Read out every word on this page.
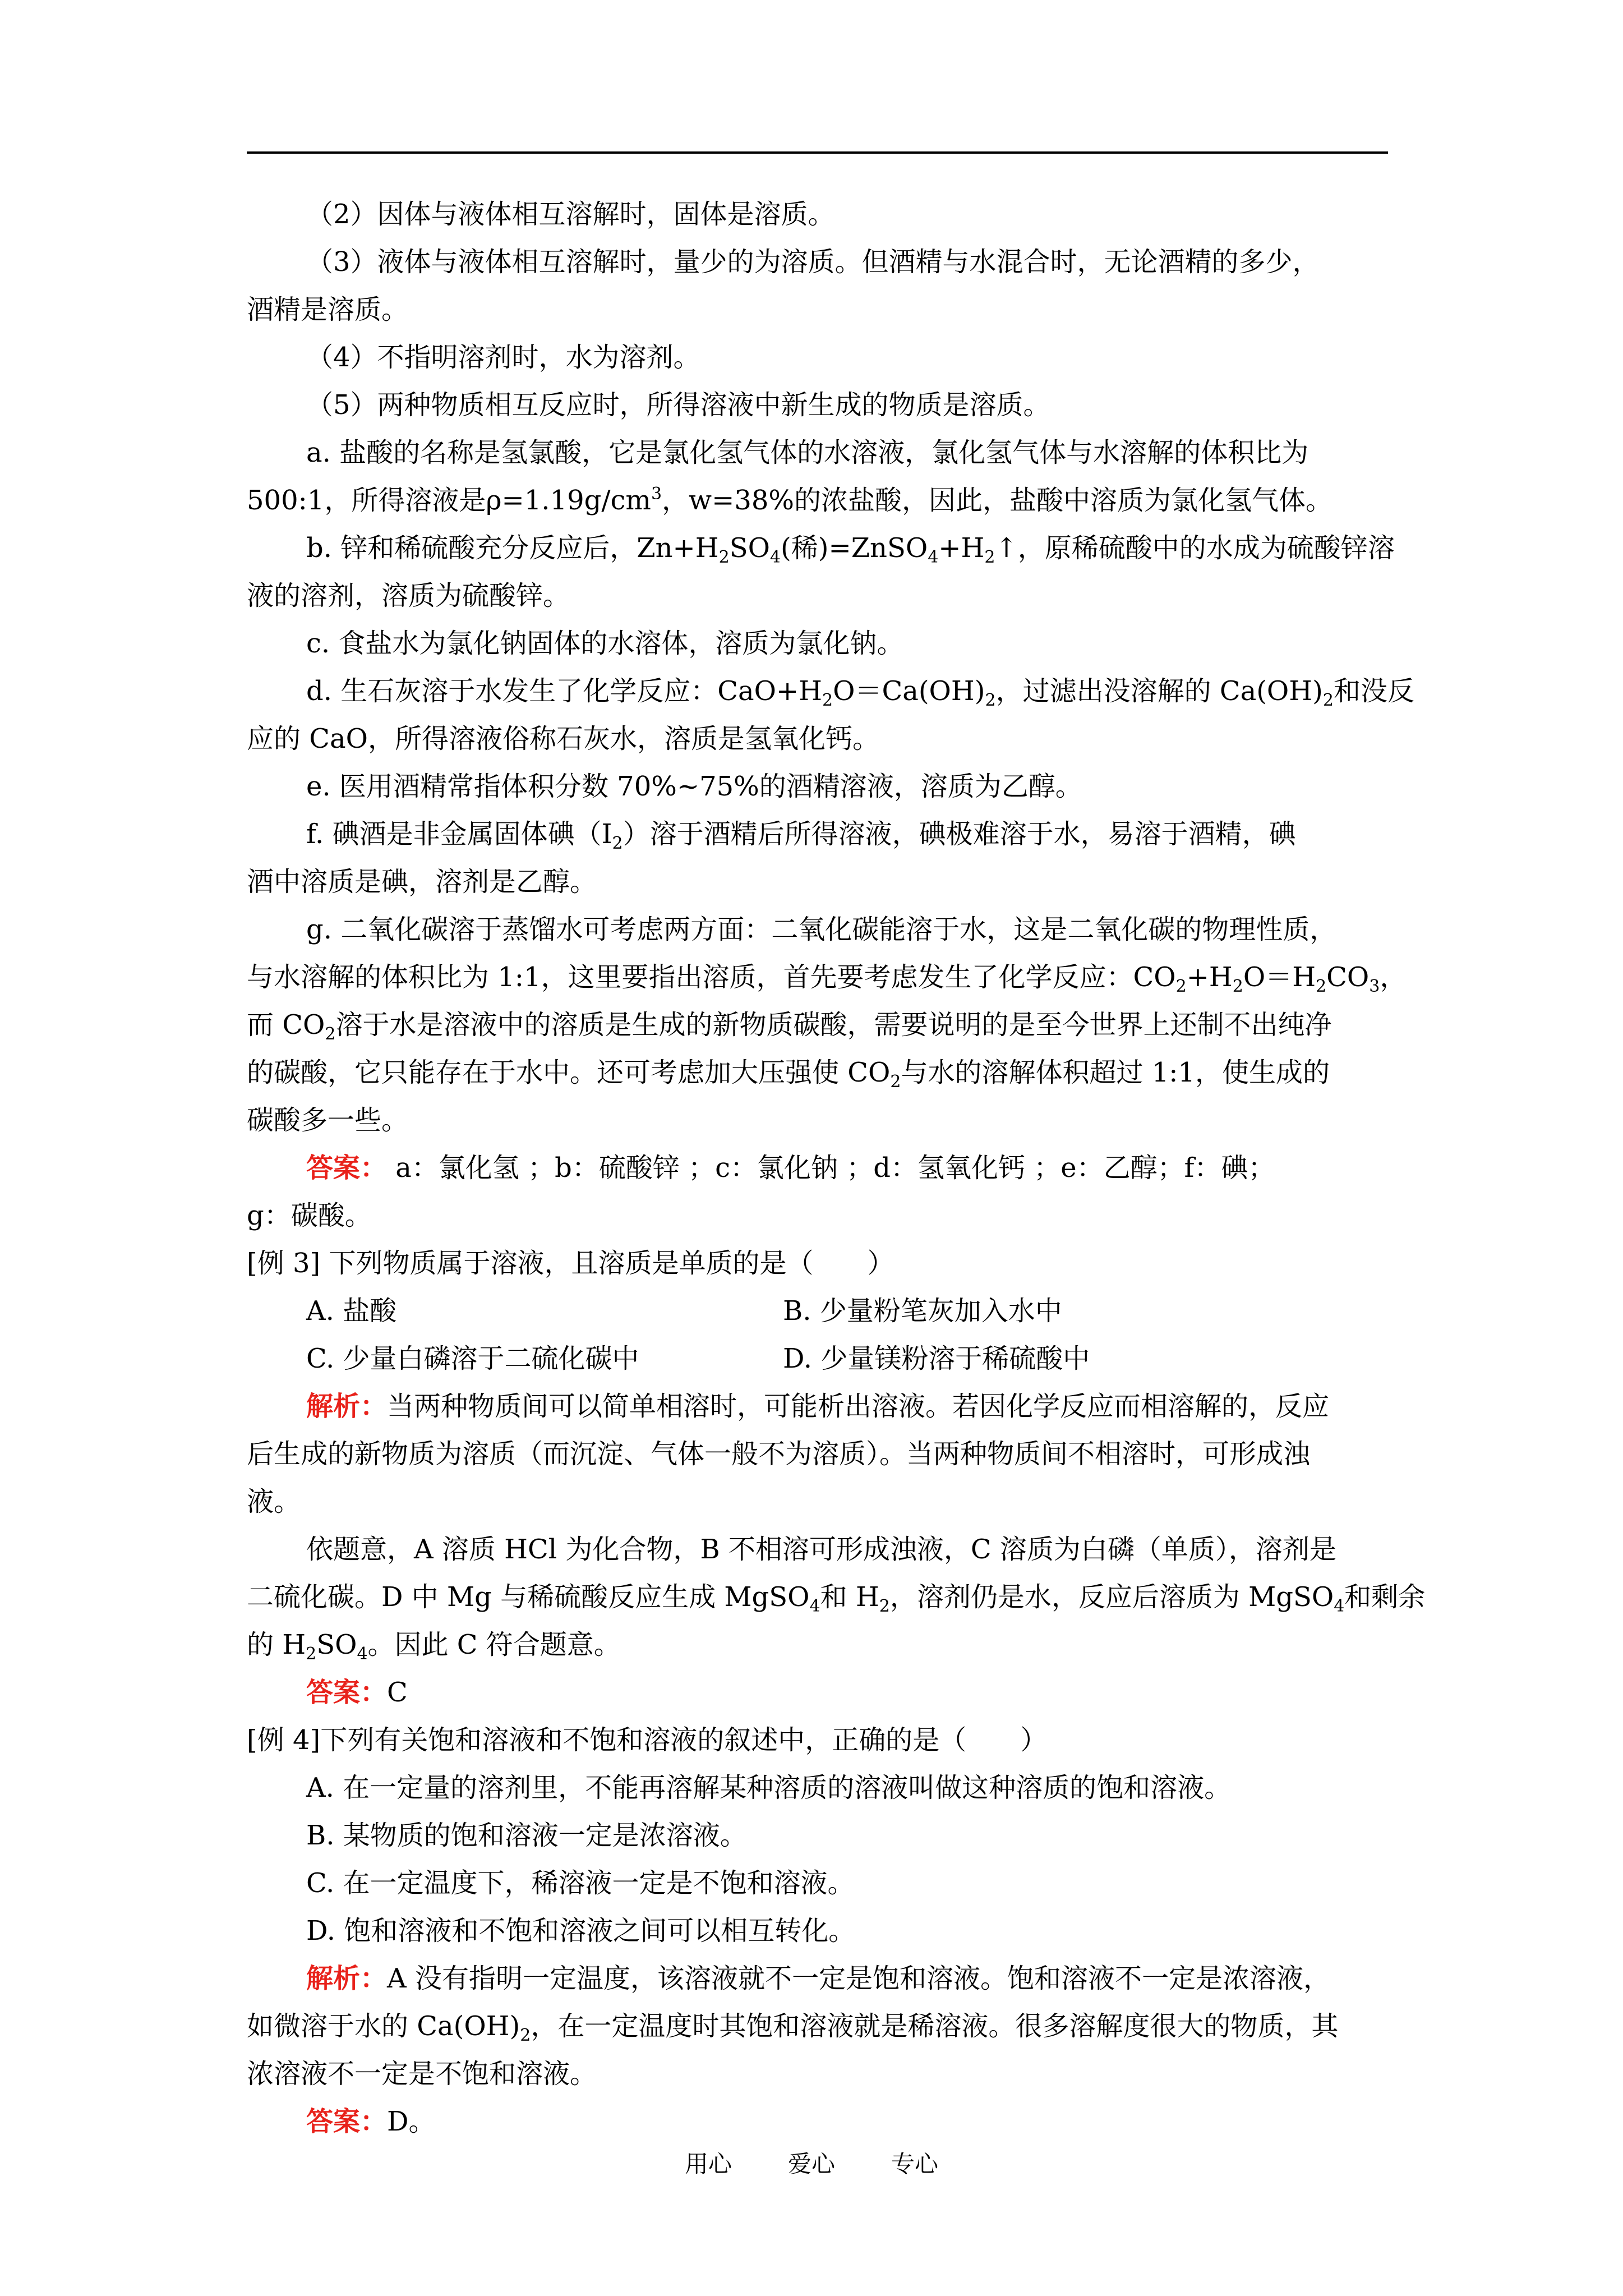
（2）因体与液体相互溶解时，固体是溶质。

（3）液体与液体相互溶解时，量少的为溶质。但酒精与水混合时，无论酒精的多少，

酒精是溶质。

（4）不指明溶剂时，水为溶剂。

（5）两种物质相互反应时，所得溶液中新生成的物质是溶质。

a. 盐酸的名称是氢氯酸，它是氯化氢气体的水溶液，氯化氢气体与水溶解的体积比为

500:1，所得溶液是$\rho=1.19g/cm^3$，w=38%的浓盐酸，因此，盐酸中溶质为氯化氢气体。

b. 锌和稀硫酸充分反应后，$Zn+H_2SO_4$(稀)$=ZnSO_4+H_2↑$，原稀硫酸中的水成为硫酸锌溶

液的溶剂，溶质为硫酸锌。

c. 食盐水为氯化钠固体的水溶体，溶质为氯化钠。

d. 生石灰溶于水发生了化学反应：$CaO+H_2O=Ca(OH)_2$，过滤出没溶解的 $Ca(OH)_2$和没反

应的 CaO，所得溶液俗称石灰水，溶质是氢氧化钙。

e. 医用酒精常指体积分数 70%~75%的酒精溶液，溶质为乙醇。

f. 碘酒是非金属固体碘$(I_2)$溶于酒精后所得溶液，碘极难溶于水，易溶于酒精，碘

酒中溶质是碘，溶剂是乙醇。

g. 二氧化碳溶于蒸馏水可考虑两方面：二氧化碳能溶于水，这是二氧化碳的物理性质，

与水溶解的体积比为 1:1，这里要指出溶质，首先要考虑发生了化学反应：$CO_2+H_2O=H_2CO_3$，

而 $CO_2$溶于水是溶液中的溶质是生成的新物质碳酸，需要说明的是至今世界上还制不出纯净

的碳酸，它只能存在于水中。还可考虑加大压强使 $CO_2$与水的溶解体积超过 1:1，使生成的

碳酸多一些。

答案： a：氯化氢 ；b：硫酸锌 ；c：氯化钠 ；d：氢氧化钙 ；e：乙醇；f：碘；

g：碳酸。

[例 3] 下列物质属于溶液，且溶质是单质的是（　　）

A. 盐酸	B. 少量粉笔灰加入水中

C. 少量白磷溶于二硫化碳中	D. 少量镁粉溶于稀硫酸中

解析：当两种物质间可以简单相溶时，可能析出溶液。若因化学反应而相溶解的，反应

后生成的新物质为溶质（而沉淀、气体一般不为溶质）。当两种物质间不相溶时，可形成浊

液。

依题意，A 溶质 HCl 为化合物，B 不相溶可形成浊液，C 溶质为白磷（单质），溶剂是

二硫化碳。D 中 Mg 与稀硫酸反应生成 MgSO$_4$和 $H_2$，溶剂仍是水，反应后溶质为 MgSO$_4$和剩余

的 $H_2SO_4$。因此 C 符合题意。

答案：C

[例 4]下列有关饱和溶液和不饱和溶液的叙述中，正确的是（　　）

A. 在一定量的溶剂里，不能再溶解某种溶质的溶液叫做这种溶质的饱和溶液。

B. 某物质的饱和溶液一定是浓溶液。

C. 在一定温度下，稀溶液一定是不饱和溶液。

D. 饱和溶液和不饱和溶液之间可以相互转化。

解析：A 没有指明一定温度，该溶液就不一定是饱和溶液。饱和溶液不一定是浓溶液，

如微溶于水的 $Ca(OH)_2$，在一定温度时其饱和溶液就是稀溶液。很多溶解度很大的物质，其

浓溶液不一定是不饱和溶液。

答案：D。

用心 爱心 专心
